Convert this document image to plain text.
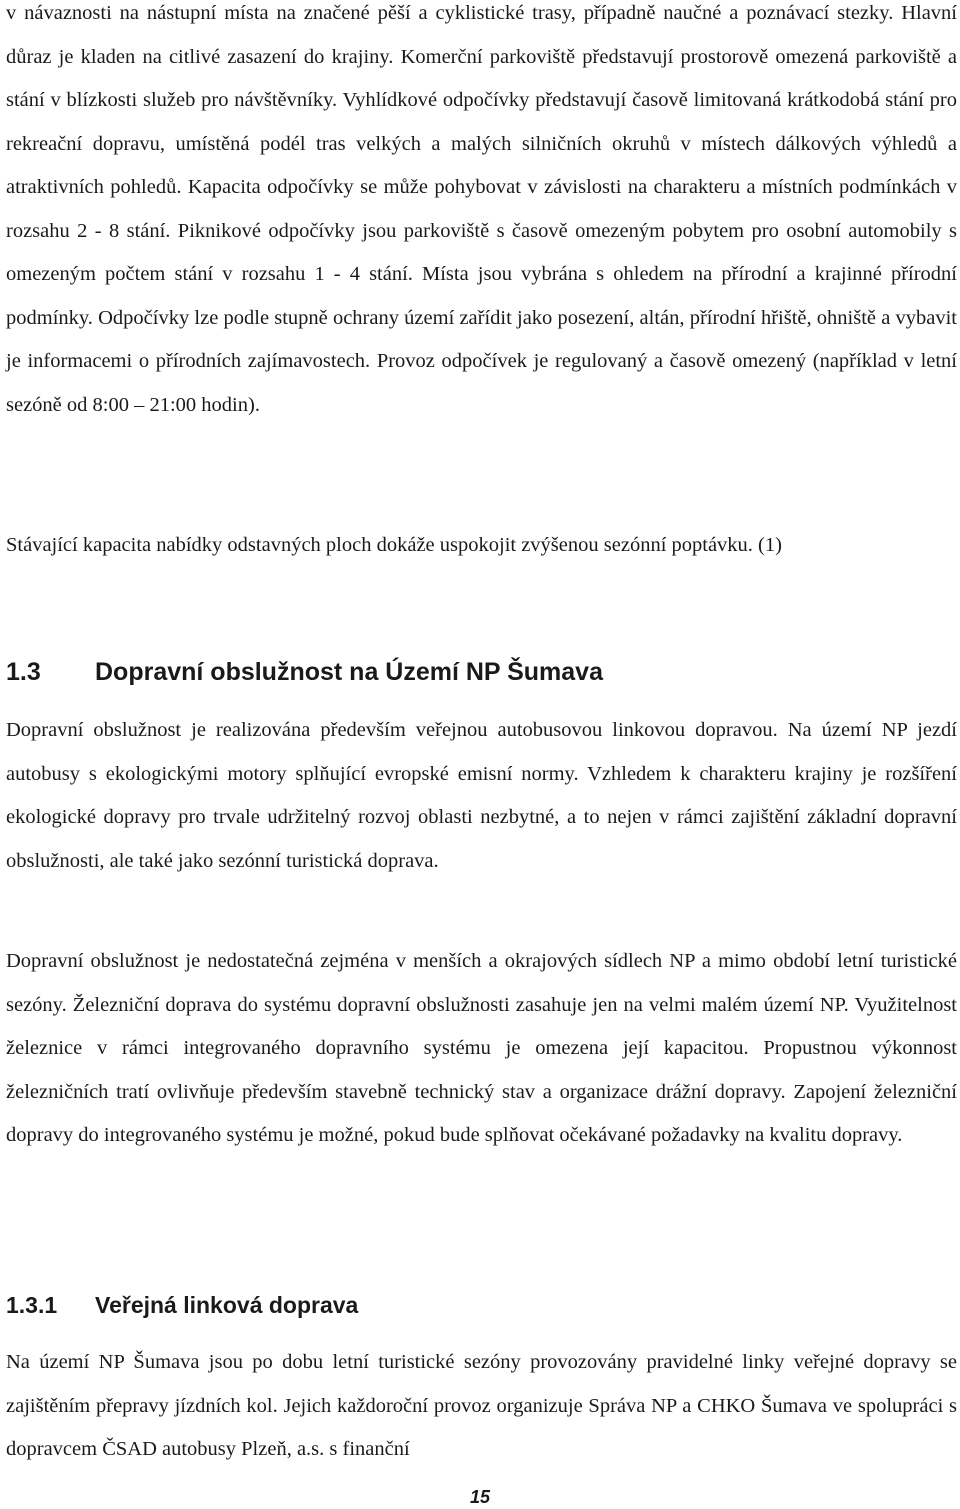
v návaznosti na nástupní místa na značené pěší a cyklistické trasy, případně naučné a poznávací stezky. Hlavní důraz je kladen na citlivé zasazení do krajiny. Komerční parkoviště představují prostorově omezená parkoviště a stání v blízkosti služeb pro návštěvníky. Vyhlídkové odpočívky představují časově limitovaná krátkodobá stání pro rekreační dopravu, umístěná podél tras velkých a malých silničních okruhů v místech dálkových výhledů a atraktivních pohledů. Kapacita odpočívky se může pohybovat v závislosti na charakteru a místních podmínkách v rozsahu 2 - 8 stání. Piknikové odpočívky jsou parkoviště s časově omezeným pobytem pro osobní automobily s omezeným počtem stání v rozsahu 1 - 4 stání. Místa jsou vybrána s ohledem na přírodní a krajinné přírodní podmínky. Odpočívky lze podle stupně ochrany území zařídit jako posezení, altán, přírodní hřiště, ohniště a vybavit je informacemi o přírodních zajímavostech. Provoz odpočívek je regulovaný a časově omezený (například v letní sezóně od 8:00 – 21:00 hodin).

Stávající kapacita nabídky odstavných ploch dokáže uspokojit zvýšenou sezónní poptávku. (1)

1.3 Dopravní obslužnost na Území NP Šumava

Dopravní obslužnost je realizována především veřejnou autobusovou linkovou dopravou. Na území NP jezdí autobusy s ekologickými motory splňující evropské emisní normy. Vzhledem k charakteru krajiny je rozšíření ekologické dopravy pro trvale udržitelný rozvoj oblasti nezbytné, a to nejen v rámci zajištění základní dopravní obslužnosti, ale také jako sezónní turistická doprava.

Dopravní obslužnost je nedostatečná zejména v menších a okrajových sídlech NP a mimo období letní turistické sezóny. Železniční doprava do systému dopravní obslužnosti zasahuje jen na velmi malém území NP. Využitelnost železnice v rámci integrovaného dopravního systému je omezena její kapacitou. Propustnou výkonnost železničních tratí ovlivňuje především stavebně technický stav a organizace drážní dopravy. Zapojení železniční dopravy do integrovaného systému je možné, pokud bude splňovat očekávané požadavky na kvalitu dopravy.

1.3.1 Veřejná linková doprava

Na území NP Šumava jsou po dobu letní turistické sezóny provozovány pravidelné linky veřejné dopravy se zajištěním přepravy jízdních kol. Jejich každoroční provoz organizuje Správa NP a CHKO Šumava ve spolupráci s dopravcem ČSAD autobusy Plzeň, a.s. s finanční

15
